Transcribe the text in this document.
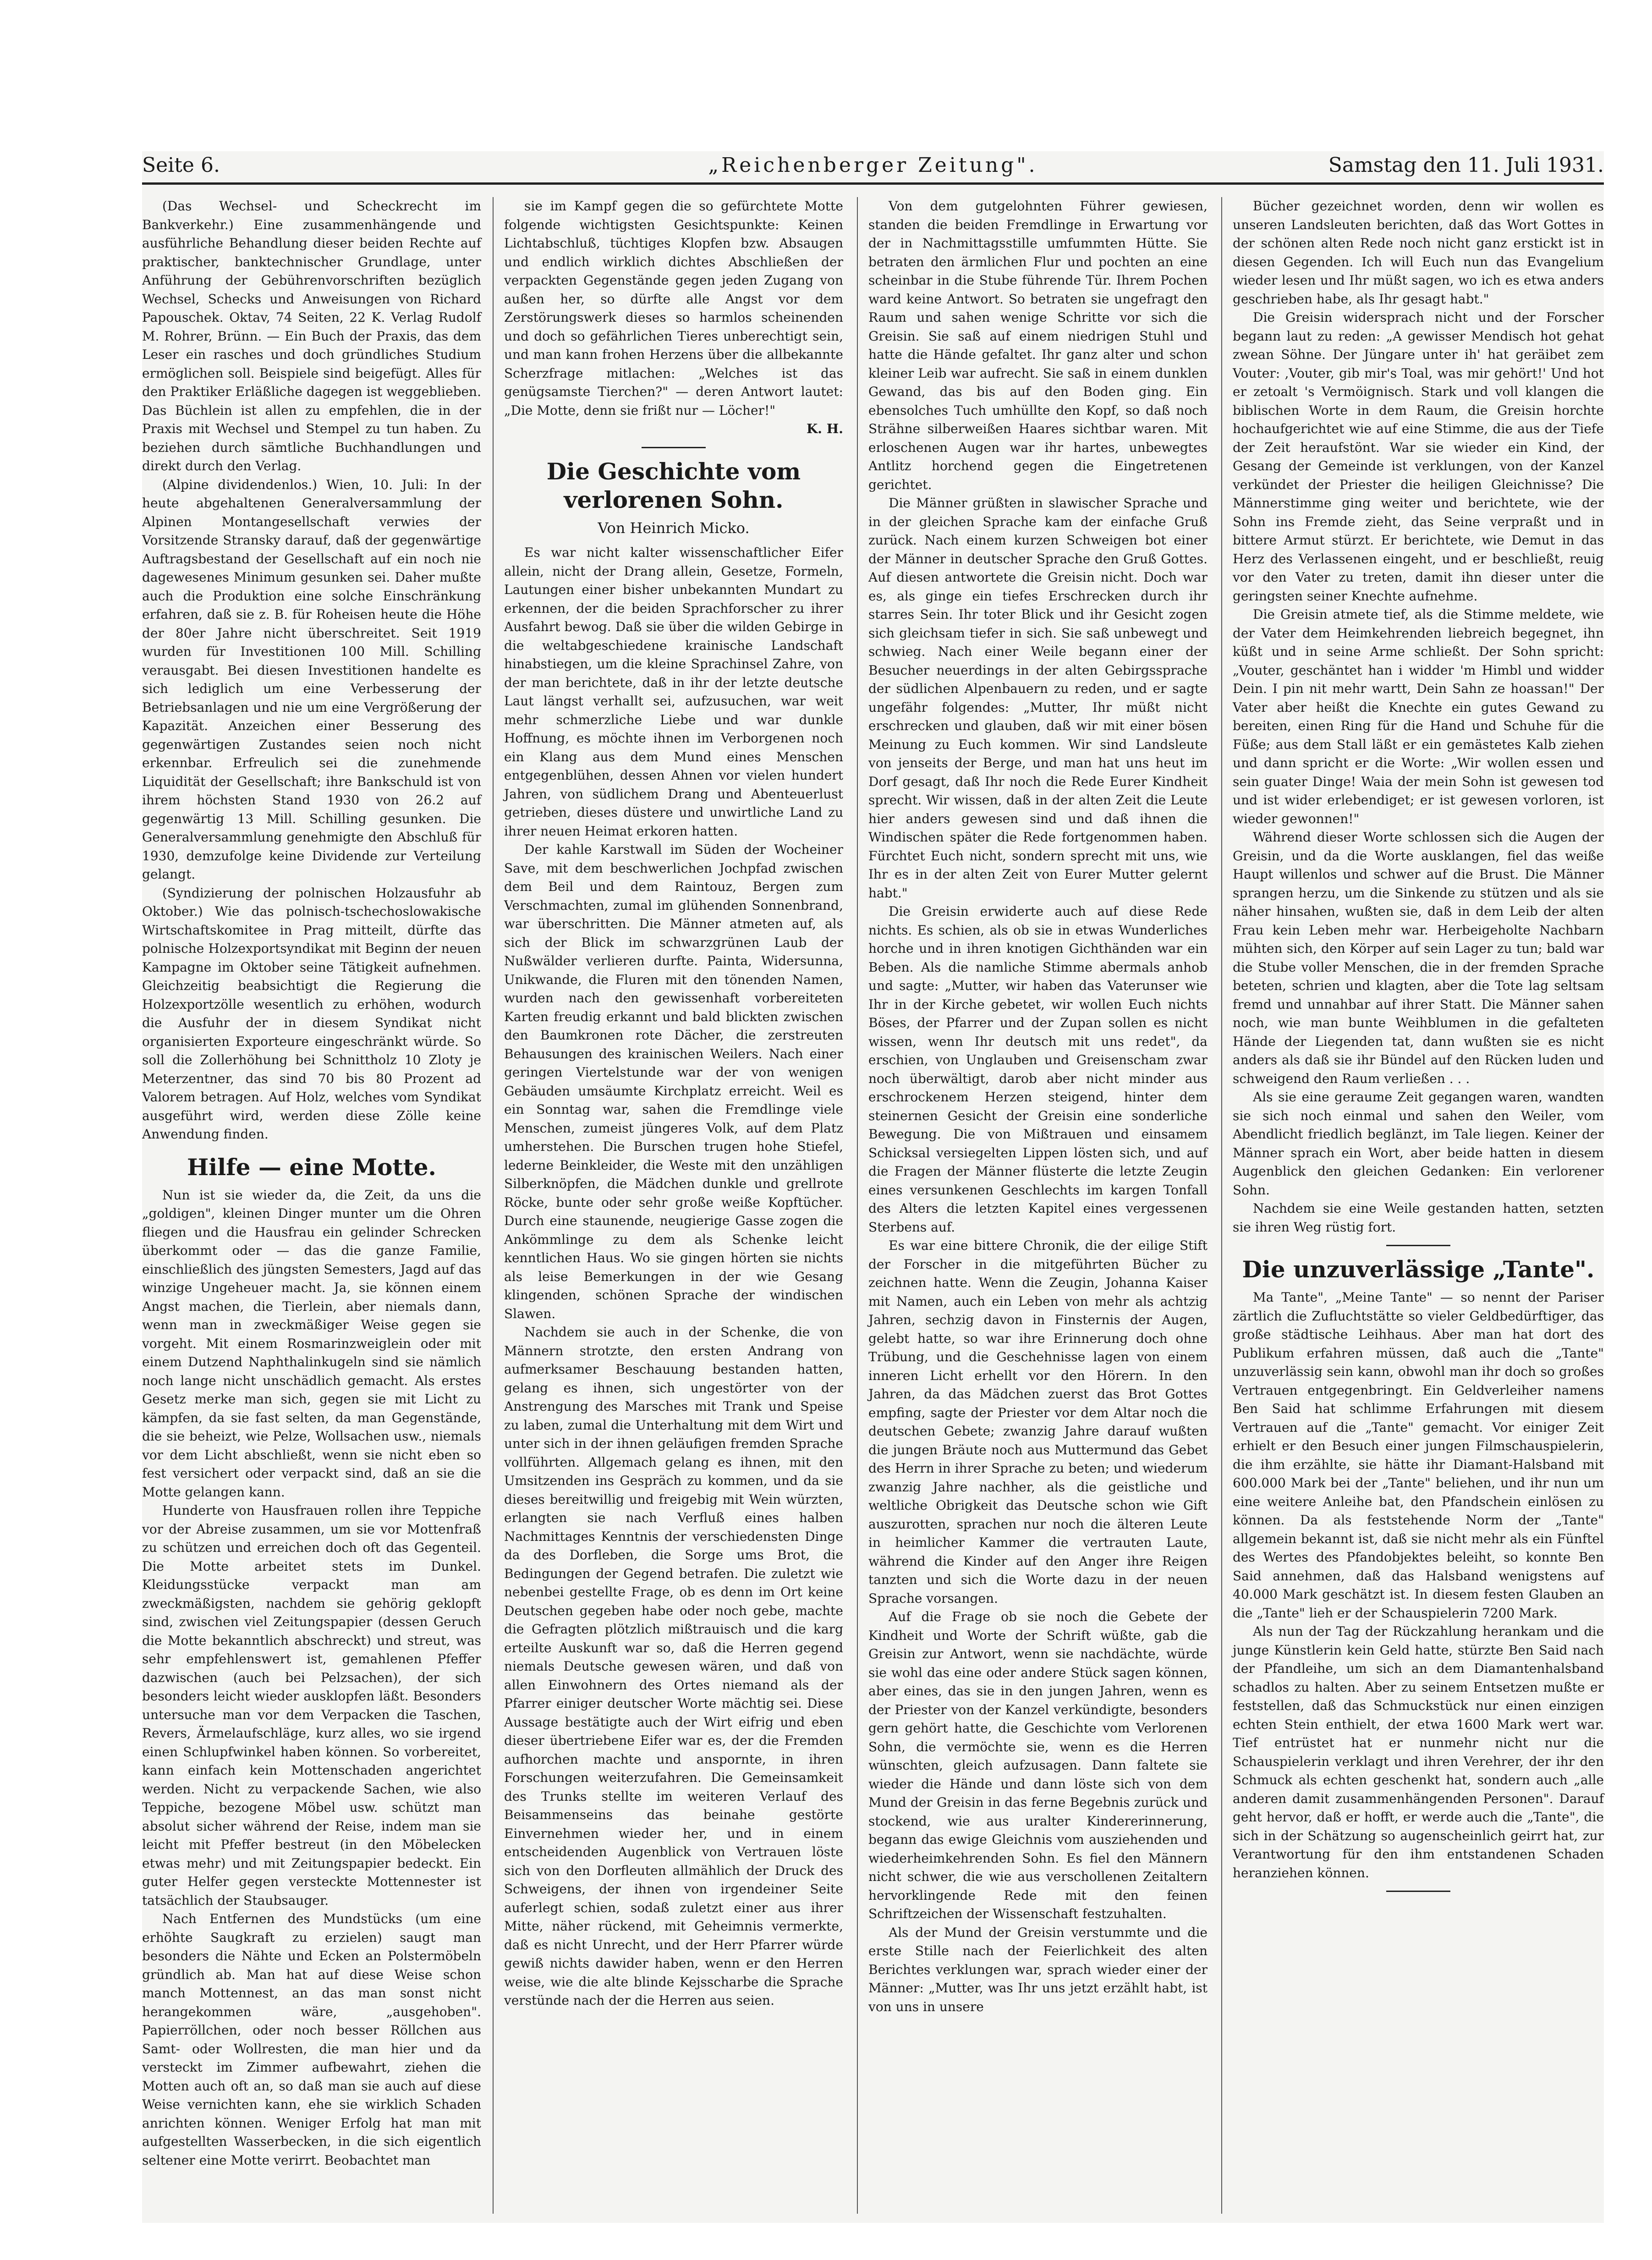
Seite 6.	„Reichenberger Zeitung".	Samstag den 11. Juli 1931.

(Das Wechsel- und Scheckrecht im Bankverkehr.) Eine zusammenhängende und ausführliche Behandlung dieser beiden Rechte auf praktischer, banktechnischer Grundlage, unter Anführung der Gebührenvorschriften bezüglich Wechsel, Schecks und Anweisungen von Richard Papouschek. Oktav, 74 Seiten, 22 K. Verlag Rudolf M. Rohrer, Brünn. — Ein Buch der Praxis, das dem Leser ein rasches und doch gründliches Studium ermöglichen soll. Beispiele sind beigefügt. Alles für den Praktiker Erläßliche dagegen ist weggeblieben. Das Büchlein ist allen zu empfehlen, die in der Praxis mit Wechsel und Stempel zu tun haben. Zu beziehen durch sämtliche Buchhandlungen und direkt durch den Verlag.

(Alpine dividendenlos.) Wien, 10. Juli: In der heute abgehaltenen Generalversammlung der Alpinen Montangesellschaft verwies der Vorsitzende Stransky darauf, daß der gegenwärtige Auftragsbestand der Gesellschaft auf ein noch nie dagewesenes Minimum gesunken sei. Daher mußte auch die Produktion eine solche Einschränkung erfahren, daß sie z. B. für Roheisen heute die Höhe der 80er Jahre nicht überschreitet. Seit 1919 wurden für Investitionen 100 Mill. Schilling verausgabt. Bei diesen Investitionen handelte es sich lediglich um eine Verbesserung der Betriebsanlagen und nie um eine Vergrößerung der Kapazität. Anzeichen einer Besserung des gegenwärtigen Zustandes seien noch nicht erkennbar. Erfreulich sei die zunehmende Liquidität der Gesellschaft; ihre Bankschuld ist von ihrem höchsten Stand 1930 von 26.2 auf gegenwärtig 13 Mill. Schilling gesunken. Die Generalversammlung genehmigte den Abschluß für 1930, demzufolge keine Dividende zur Verteilung gelangt.

(Syndizierung der polnischen Holzausfuhr ab Oktober.) Wie das polnisch-tschechoslowakische Wirtschaftskomitee in Prag mitteilt, dürfte das polnische Holzexportsyndikat mit Beginn der neuen Kampagne im Oktober seine Tätigkeit aufnehmen. Gleichzeitig beabsichtigt die Regierung die Holzexportzölle wesentlich zu erhöhen, wodurch die Ausfuhr der in diesem Syndikat nicht organisierten Exporteure eingeschränkt würde. So soll die Zollerhöhung bei Schnittholz 10 Zloty je Meterzentner, das sind 70 bis 80 Prozent ad Valorem betragen. Auf Holz, welches vom Syndikat ausgeführt wird, werden diese Zölle keine Anwendung finden.

Hilfe — eine Motte.

Nun ist sie wieder da, die Zeit, da uns die „goldigen", kleinen Dinger munter um die Ohren fliegen und die Hausfrau ein gelinder Schrecken überkommt oder — das die ganze Familie, einschließlich des jüngsten Semesters, Jagd auf das winzige Ungeheuer macht. Ja, sie können einem Angst machen, die Tierlein, aber niemals dann, wenn man in zweckmäßiger Weise gegen sie vorgeht. Mit einem Rosmarinzweiglein oder mit einem Dutzend Naphthalinkugeln sind sie nämlich noch lange nicht unschädlich gemacht. Als erstes Gesetz merke man sich, gegen sie mit Licht zu kämpfen, da sie fast selten, da man Gegenstände, die sie beheizt, wie Pelze, Wollsachen usw., niemals vor dem Licht abschließt, wenn sie nicht eben so fest versichert oder verpackt sind, daß an sie die Motte gelangen kann.

Hunderte von Hausfrauen rollen ihre Teppiche vor der Abreise zusammen, um sie vor Mottenfraß zu schützen und erreichen doch oft das Gegenteil. Die Motte arbeitet stets im Dunkel. Kleidungsstücke verpackt man am zweckmäßigsten, nachdem sie gehörig geklopft sind, zwischen viel Zeitungspapier (dessen Geruch die Motte bekanntlich abschreckt) und streut, was sehr empfehlenswert ist, gemahlenen Pfeffer dazwischen (auch bei Pelzsachen), der sich besonders leicht wieder ausklopfen läßt. Besonders untersuche man vor dem Verpacken die Taschen, Revers, Ärmelaufschläge, kurz alles, wo sie irgend einen Schlupfwinkel haben können. So vorbereitet, kann einfach kein Mottenschaden angerichtet werden. Nicht zu verpackende Sachen, wie also Teppiche, bezogene Möbel usw. schützt man absolut sicher während der Reise, indem man sie leicht mit Pfeffer bestreut (in den Möbelecken etwas mehr) und mit Zeitungspapier bedeckt. Ein guter Helfer gegen versteckte Mottennester ist tatsächlich der Staubsauger.

Nach Entfernen des Mundstücks (um eine erhöhte Saugkraft zu erzielen) saugt man besonders die Nähte und Ecken an Polstermöbeln gründlich ab. Man hat auf diese Weise schon manch Mottennest, an das man sonst nicht herangekommen wäre, „ausgehoben". Papierröllchen, oder noch besser Röllchen aus Samt- oder Wollresten, die man hier und da versteckt im Zimmer aufbewahrt, ziehen die Motten auch oft an, so daß man sie auch auf diese Weise vernichten kann, ehe sie wirklich Schaden anrichten können. Weniger Erfolg hat man mit aufgestellten Wasserbecken, in die sich eigentlich seltener eine Motte verirrt. Beobachtet man

sie im Kampf gegen die so gefürchtete Motte folgende wichtigsten Gesichtspunkte: Keinen Lichtabschluß, tüchtiges Klopfen bzw. Absaugen und endlich wirklich dichtes Abschließen der verpackten Gegenstände gegen jeden Zugang von außen her, so dürfte alle Angst vor dem Zerstörungswerk dieses so harmlos scheinenden und doch so gefährlichen Tieres unberechtigt sein, und man kann frohen Herzens über die allbekannte Scherzfrage mitlachen: „Welches ist das genügsamste Tierchen?" — deren Antwort lautet: „Die Motte, denn sie frißt nur — Löcher!"

K. H.
Die Geschichte vom verlorenen Sohn.
Von Heinrich Micko.

Es war nicht kalter wissenschaftlicher Eifer allein, nicht der Drang allein, Gesetze, Formeln, Lautungen einer bisher unbekannten Mundart zu erkennen, der die beiden Sprachforscher zu ihrer Ausfahrt bewog. Daß sie über die wilden Gebirge in die weltabgeschiedene krainische Landschaft hinabstiegen, um die kleine Sprachinsel Zahre, von der man berichtete, daß in ihr der letzte deutsche Laut längst verhallt sei, aufzusuchen, war weit mehr schmerzliche Liebe und war dunkle Hoffnung, es möchte ihnen im Verborgenen noch ein Klang aus dem Mund eines Menschen entgegenblühen, dessen Ahnen vor vielen hundert Jahren, von südlichem Drang und Abenteuerlust getrieben, dieses düstere und unwirtliche Land zu ihrer neuen Heimat erkoren hatten.

Der kahle Karstwall im Süden der Wocheiner Save, mit dem beschwerlichen Jochpfad zwischen dem Beil und dem Raintouz, Bergen zum Verschmachten, zumal im glühenden Sonnenbrand, war überschritten. Die Männer atmeten auf, als sich der Blick im schwarzgrünen Laub der Nußwälder verlieren durfte. Painta, Widersunna, Unikwande, die Fluren mit den tönenden Namen, wurden nach den gewissenhaft vorbereiteten Karten freudig erkannt und bald blickten zwischen den Baumkronen rote Dächer, die zerstreuten Behausungen des krainischen Weilers. Nach einer geringen Viertelstunde war der von wenigen Gebäuden umsäumte Kirchplatz erreicht. Weil es ein Sonntag war, sahen die Fremdlinge viele Menschen, zumeist jüngeres Volk, auf dem Platz umherstehen. Die Burschen trugen hohe Stiefel, lederne Beinkleider, die Weste mit den unzähligen Silberknöpfen, die Mädchen dunkle und grellrote Röcke, bunte oder sehr große weiße Kopftücher. Durch eine staunende, neugierige Gasse zogen die Ankömmlinge zu dem als Schenke leicht kenntlichen Haus. Wo sie gingen hörten sie nichts als leise Bemerkungen in der wie Gesang klingenden, schönen Sprache der windischen Slawen.

Nachdem sie auch in der Schenke, die von Männern strotzte, den ersten Andrang von aufmerksamer Beschauung bestanden hatten, gelang es ihnen, sich ungestörter von der Anstrengung des Marsches mit Trank und Speise zu laben, zumal die Unterhaltung mit dem Wirt und unter sich in der ihnen geläufigen fremden Sprache vollführten. Allgemach gelang es ihnen, mit den Umsitzenden ins Gespräch zu kommen, und da sie dieses bereitwillig und freigebig mit Wein würzten, erlangten sie nach Verfluß eines halben Nachmittages Kenntnis der verschiedensten Dinge da des Dorfleben, die Sorge ums Brot, die Bedingungen der Gegend betrafen. Die zuletzt wie nebenbei gestellte Frage, ob es denn im Ort keine Deutschen gegeben habe oder noch gebe, machte die Gefragten plötzlich mißtrauisch und die karg erteilte Auskunft war so, daß die Herren gegend niemals Deutsche gewesen wären, und daß von allen Einwohnern des Ortes niemand als der Pfarrer einiger deutscher Worte mächtig sei. Diese Aussage bestätigte auch der Wirt eifrig und eben dieser übertriebene Eifer war es, der die Fremden aufhorchen machte und anspornte, in ihren Forschungen weiterzufahren. Die Gemeinsamkeit des Trunks stellte im weiteren Verlauf des Beisammenseins das beinahe gestörte Einvernehmen wieder her, und in einem entscheidenden Augenblick von Vertrauen löste sich von den Dorfleuten allmählich der Druck des Schweigens, der ihnen von irgendeiner Seite auferlegt schien, sodaß zuletzt einer aus ihrer Mitte, näher rückend, mit Geheimnis vermerkte, daß es nicht Unrecht, und der Herr Pfarrer würde gewiß nichts dawider haben, wenn er den Herren weise, wie die alte blinde Kejsscharbe die Sprache verstünde nach der die Herren aus seien.

Von dem gutgelohnten Führer gewiesen, standen die beiden Fremdlinge in Erwartung vor der in Nachmittagsstille umfummten Hütte. Sie betraten den ärmlichen Flur und pochten an eine scheinbar in die Stube führende Tür. Ihrem Pochen ward keine Antwort. So betraten sie ungefragt den Raum und sahen wenige Schritte vor sich die Greisin. Sie saß auf einem niedrigen Stuhl und hatte die Hände gefaltet. Ihr ganz alter und schon kleiner Leib war aufrecht. Sie saß in einem dunklen Gewand, das bis auf den Boden ging. Ein ebensolches Tuch umhüllte den Kopf, so daß noch Strähne silberweißen Haares sichtbar waren. Mit erloschenen Augen war ihr hartes, unbewegtes Antlitz horchend gegen die Eingetretenen gerichtet.

Die Männer grüßten in slawischer Sprache und in der gleichen Sprache kam der einfache Gruß zurück. Nach einem kurzen Schweigen bot einer der Männer in deutscher Sprache den Gruß Gottes. Auf diesen antwortete die Greisin nicht. Doch war es, als ginge ein tiefes Erschrecken durch ihr starres Sein. Ihr toter Blick und ihr Gesicht zogen sich gleichsam tiefer in sich. Sie saß unbewegt und schwieg. Nach einer Weile begann einer der Besucher neuerdings in der alten Gebirgssprache der südlichen Alpenbauern zu reden, und er sagte ungefähr folgendes: „Mutter, Ihr müßt nicht erschrecken und glauben, daß wir mit einer bösen Meinung zu Euch kommen. Wir sind Landsleute von jenseits der Berge, und man hat uns heut im Dorf gesagt, daß Ihr noch die Rede Eurer Kindheit sprecht. Wir wissen, daß in der alten Zeit die Leute hier anders gewesen sind und daß ihnen die Windischen später die Rede fortgenommen haben. Fürchtet Euch nicht, sondern sprecht mit uns, wie Ihr es in der alten Zeit von Eurer Mutter gelernt habt."

Die Greisin erwiderte auch auf diese Rede nichts. Es schien, als ob sie in etwas Wunderliches horche und in ihren knotigen Gichthänden war ein Beben. Als die namliche Stimme abermals anhob und sagte: „Mutter, wir haben das Vaterunser wie Ihr in der Kirche gebetet, wir wollen Euch nichts Böses, der Pfarrer und der Zupan sollen es nicht wissen, wenn Ihr deutsch mit uns redet", da erschien, von Unglauben und Greisenscham zwar noch überwältigt, darob aber nicht minder aus erschrockenem Herzen steigend, hinter dem steinernen Gesicht der Greisin eine sonderliche Bewegung. Die von Mißtrauen und einsamem Schicksal versiegelten Lippen lösten sich, und auf die Fragen der Männer flüsterte die letzte Zeugin eines versunkenen Geschlechts im kargen Tonfall des Alters die letzten Kapitel eines vergessenen Sterbens auf.

Es war eine bittere Chronik, die der eilige Stift der Forscher in die mitgeführten Bücher zu zeichnen hatte. Wenn die Zeugin, Johanna Kaiser mit Namen, auch ein Leben von mehr als achtzig Jahren, sechzig davon in Finsternis der Augen, gelebt hatte, so war ihre Erinnerung doch ohne Trübung, und die Geschehnisse lagen von einem inneren Licht erhellt vor den Hörern. In den Jahren, da das Mädchen zuerst das Brot Gottes empfing, sagte der Priester vor dem Altar noch die deutschen Gebete; zwanzig Jahre darauf wußten die jungen Bräute noch aus Muttermund das Gebet des Herrn in ihrer Sprache zu beten; und wiederum zwanzig Jahre nachher, als die geistliche und weltliche Obrigkeit das Deutsche schon wie Gift auszurotten, sprachen nur noch die älteren Leute in heimlicher Kammer die vertrauten Laute, während die Kinder auf den Anger ihre Reigen tanzten und sich die Worte dazu in der neuen Sprache vorsangen.

Auf die Frage ob sie noch die Gebete der Kindheit und Worte der Schrift wüßte, gab die Greisin zur Antwort, wenn sie nachdächte, würde sie wohl das eine oder andere Stück sagen können, aber eines, das sie in den jungen Jahren, wenn es der Priester von der Kanzel verkündigte, besonders gern gehört hatte, die Geschichte vom Verlorenen Sohn, die vermöchte sie, wenn es die Herren wünschten, gleich aufzusagen. Dann faltete sie wieder die Hände und dann löste sich von dem Mund der Greisin in das ferne Begebnis zurück und stockend, wie aus uralter Kindererinnerung, begann das ewige Gleichnis vom ausziehenden und wiederheimkehrenden Sohn. Es fiel den Männern nicht schwer, die wie aus verschollenen Zeitaltern hervorklingende Rede mit den feinen Schriftzeichen der Wissenschaft festzuhalten.

Als der Mund der Greisin verstummte und die erste Stille nach der Feierlichkeit des alten Berichtes verklungen war, sprach wieder einer der Männer: „Mutter, was Ihr uns jetzt erzählt habt, ist von uns in unsere

Bücher gezeichnet worden, denn wir wollen es unseren Landsleuten berichten, daß das Wort Gottes in der schönen alten Rede noch nicht ganz erstickt ist in diesen Gegenden. Ich will Euch nun das Evangelium wieder lesen und Ihr müßt sagen, wo ich es etwa anders geschrieben habe, als Ihr gesagt habt."

Die Greisin widersprach nicht und der Forscher begann laut zu reden: „A gewisser Mendisch hot gehat zwean Söhne. Der Jüngare unter ih' hat geräibet zem Vouter: ‚Vouter, gib mir's Toal, was mir gehört!' Und hot er zetoalt 's Vermöignisch. Stark und voll klangen die biblischen Worte in dem Raum, die Greisin horchte hochaufgerichtet wie auf eine Stimme, die aus der Tiefe der Zeit heraufstönt. War sie wieder ein Kind, der Gesang der Gemeinde ist verklungen, von der Kanzel verkündet der Priester die heiligen Gleichnisse? Die Männerstimme ging weiter und berichtete, wie der Sohn ins Fremde zieht, das Seine verpraßt und in bittere Armut stürzt. Er berichtete, wie Demut in das Herz des Verlassenen eingeht, und er beschließt, reuig vor den Vater zu treten, damit ihn dieser unter die geringsten seiner Knechte aufnehme.

Die Greisin atmete tief, als die Stimme meldete, wie der Vater dem Heimkehrenden liebreich begegnet, ihn küßt und in seine Arme schließt. Der Sohn spricht: „Vouter, geschäntet han i widder 'm Himbl und widder Dein. I pin nit mehr wartt, Dein Sahn ze hoassan!" Der Vater aber heißt die Knechte ein gutes Gewand zu bereiten, einen Ring für die Hand und Schuhe für die Füße; aus dem Stall läßt er ein gemästetes Kalb ziehen und dann spricht er die Worte: „Wir wollen essen und sein guater Dinge! Waia der mein Sohn ist gewesen tod und ist wider erlebendiget; er ist gewesen vorloren, ist wieder gewonnen!"

Während dieser Worte schlossen sich die Augen der Greisin, und da die Worte ausklangen, fiel das weiße Haupt willenlos und schwer auf die Brust. Die Männer sprangen herzu, um die Sinkende zu stützen und als sie näher hinsahen, wußten sie, daß in dem Leib der alten Frau kein Leben mehr war. Herbeigeholte Nachbarn mühten sich, den Körper auf sein Lager zu tun; bald war die Stube voller Menschen, die in der fremden Sprache beteten, schrien und klagten, aber die Tote lag seltsam fremd und unnahbar auf ihrer Statt. Die Männer sahen noch, wie man bunte Weihblumen in die gefalteten Hände der Liegenden tat, dann wußten sie es nicht anders als daß sie ihr Bündel auf den Rücken luden und schweigend den Raum verließen . . .

Als sie eine geraume Zeit gegangen waren, wandten sie sich noch einmal und sahen den Weiler, vom Abendlicht friedlich beglänzt, im Tale liegen. Keiner der Männer sprach ein Wort, aber beide hatten in diesem Augenblick den gleichen Gedanken: Ein verlorener Sohn.

Nachdem sie eine Weile gestanden hatten, setzten sie ihren Weg rüstig fort.

Die unzuverlässige „Tante".

Ma Tante", „Meine Tante" — so nennt der Pariser zärtlich die Zufluchtstätte so vieler Geldbedürftiger, das große städtische Leihhaus. Aber man hat dort des Publikum erfahren müssen, daß auch die „Tante" unzuverlässig sein kann, obwohl man ihr doch so großes Vertrauen entgegenbringt. Ein Geldverleiher namens Ben Said hat schlimme Erfahrungen mit diesem Vertrauen auf die „Tante" gemacht. Vor einiger Zeit erhielt er den Besuch einer jungen Filmschauspielerin, die ihm erzählte, sie hätte ihr Diamant-Halsband mit 600.000 Mark bei der „Tante" beliehen, und ihr nun um eine weitere Anleihe bat, den Pfandschein einlösen zu können. Da als feststehende Norm der „Tante" allgemein bekannt ist, daß sie nicht mehr als ein Fünftel des Wertes des Pfandobjektes beleiht, so konnte Ben Said annehmen, daß das Halsband wenigstens auf 40.000 Mark geschätzt ist. In diesem festen Glauben an die „Tante" lieh er der Schauspielerin 7200 Mark.

Als nun der Tag der Rückzahlung herankam und die junge Künstlerin kein Geld hatte, stürzte Ben Said nach der Pfandleihe, um sich an dem Diamantenhalsband schadlos zu halten. Aber zu seinem Entsetzen mußte er feststellen, daß das Schmuckstück nur einen einzigen echten Stein enthielt, der etwa 1600 Mark wert war. Tief entrüstet hat er nunmehr nicht nur die Schauspielerin verklagt und ihren Verehrer, der ihr den Schmuck als echten geschenkt hat, sondern auch „alle anderen damit zusammenhängenden Personen". Darauf geht hervor, daß er hofft, er werde auch die „Tante", die sich in der Schätzung so augenscheinlich geirrt hat, zur Verantwortung für den ihm entstandenen Schaden heranziehen können.
